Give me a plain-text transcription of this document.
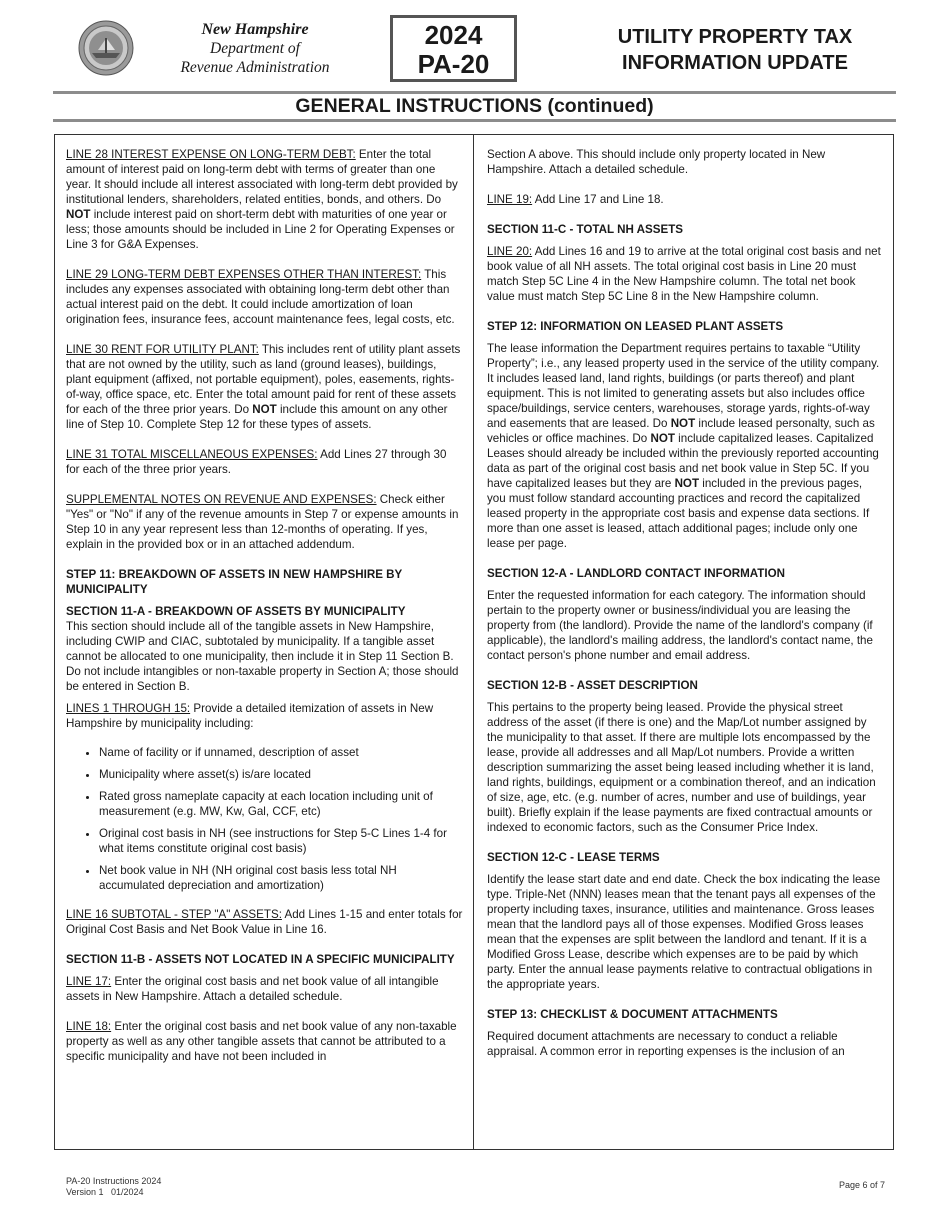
New Hampshire
Department of
Revenue Administration
2024
PA-20
UTILITY PROPERTY TAX
INFORMATION UPDATE
GENERAL INSTRUCTIONS (continued)

LINE 28 INTEREST EXPENSE ON LONG-TERM DEBT: Enter the total amount of interest paid on long-term debt with terms of greater than one year. It should include all interest associated with long-term debt provided by institutional lenders, shareholders, related entities, bonds, and others. Do NOT include interest paid on short-term debt with maturities of one year or less; those amounts should be included in Line 2 for Operating Expenses or Line 3 for G&A Expenses.

LINE 29 LONG-TERM DEBT EXPENSES OTHER THAN INTEREST: This includes any expenses associated with obtaining long-term debt other than actual interest paid on the debt. It could include amortization of loan origination fees, insurance fees, account maintenance fees, legal costs, etc.

LINE 30 RENT FOR UTILITY PLANT: This includes rent of utility plant assets that are not owned by the utility, such as land (ground leases), buildings, plant equipment (affixed, not portable equipment), poles, easements, rights-of-way, office space, etc. Enter the total amount paid for rent of these assets for each of the three prior years. Do NOT include this amount on any other line of Step 10. Complete Step 12 for these types of assets.

LINE 31 TOTAL MISCELLANEOUS EXPENSES: Add Lines 27 through 30 for each of the three prior years.

SUPPLEMENTAL NOTES ON REVENUE AND EXPENSES: Check either "Yes" or "No" if any of the revenue amounts in Step 7 or expense amounts in Step 10 in any year represent less than 12-months of operating. If yes, explain in the provided box or in an attached addendum.

STEP 11: BREAKDOWN OF ASSETS IN NEW HAMPSHIRE BY MUNICIPALITY
SECTION 11-A - BREAKDOWN OF ASSETS BY MUNICIPALITY

This section should include all of the tangible assets in New Hampshire, including CWIP and CIAC, subtotaled by municipality. If a tangible asset cannot be allocated to one municipality, then include it in Step 11 Section B. Do not include intangibles or non-taxable property in Section A; those should be entered in Section B.

LINES 1 THROUGH 15: Provide a detailed itemization of assets in New Hampshire by municipality including:

• Name of facility or if unnamed, description of asset
• Municipality where asset(s) is/are located
• Rated gross nameplate capacity at each location including unit of measurement (e.g. MW, Kw, Gal, CCF, etc)
• Original cost basis in NH (see instructions for Step 5-C Lines 1-4 for what items constitute original cost basis)
• Net book value in NH (NH original cost basis less total NH accumulated depreciation and amortization)

LINE 16 SUBTOTAL - STEP "A" ASSETS: Add Lines 1-15 and enter totals for Original Cost Basis and Net Book Value in Line 16.

SECTION 11-B - ASSETS NOT LOCATED IN A SPECIFIC MUNICIPALITY

LINE 17: Enter the original cost basis and net book value of all intangible assets in New Hampshire. Attach a detailed schedule.

LINE 18: Enter the original cost basis and net book value of any non-taxable property as well as any other tangible assets that cannot be attributed to a specific municipality and have not been included in

Section A above. This should include only property located in New Hampshire. Attach a detailed schedule.

LINE 19: Add Line 17 and Line 18.

SECTION 11-C - TOTAL NH ASSETS

LINE 20: Add Lines 16 and 19 to arrive at the total original cost basis and net book value of all NH assets. The total original cost basis in Line 20 must match Step 5C Line 4 in the New Hampshire column. The total net book value must match Step 5C Line 8 in the New Hampshire column.

STEP 12: INFORMATION ON LEASED PLANT ASSETS

The lease information the Department requires pertains to taxable “Utility Property”; i.e., any leased property used in the service of the utility company. It includes leased land, land rights, buildings (or parts thereof) and plant equipment. This is not limited to generating assets but also includes office space/buildings, service centers, warehouses, storage yards, rights-of-way and easements that are leased. Do NOT include leased personalty, such as vehicles or office machines. Do NOT include capitalized leases. Capitalized Leases should already be included within the previously reported accounting data as part of the original cost basis and net book value in Step 5C. If you have capitalized leases but they are NOT included in the previous pages, you must follow standard accounting practices and record the capitalized leased property in the appropriate cost basis and expense data sections. If more than one asset is leased, attach additional pages; include only one lease per page.

SECTION 12-A - LANDLORD CONTACT INFORMATION

Enter the requested information for each category. The information should pertain to the property owner or business/individual you are leasing the property from (the landlord). Provide the name of the landlord's company (if applicable), the landlord's mailing address, the landlord's contact name, the contact person's phone number and email address.

SECTION 12-B - ASSET DESCRIPTION

This pertains to the property being leased. Provide the physical street address of the asset (if there is one) and the Map/Lot number assigned by the municipality to that asset. If there are multiple lots encompassed by the lease, provide all addresses and all Map/Lot numbers. Provide a written description summarizing the asset being leased including whether it is land, land rights, buildings, equipment or a combination thereof, and an indication of size, age, etc. (e.g. number of acres, number and use of buildings, year built). Briefly explain if the lease payments are fixed contractual amounts or indexed to economic factors, such as the Consumer Price Index.

SECTION 12-C - LEASE TERMS

Identify the lease start date and end date. Check the box indicating the lease type. Triple-Net (NNN) leases mean that the tenant pays all expenses of the property including taxes, insurance, utilities and maintenance. Gross leases mean that the landlord pays all of those expenses. Modified Gross leases mean that the expenses are split between the landlord and tenant. If it is a Modified Gross Lease, describe which expenses are to be paid by which party. Enter the annual lease payments relative to contractual obligations in the appropriate years.

STEP 13: CHECKLIST & DOCUMENT ATTACHMENTS

Required document attachments are necessary to conduct a reliable appraisal. A common error in reporting expenses is the inclusion of an

PA-20 Instructions 2024
Version 1   01/2024
Page 6 of 7
